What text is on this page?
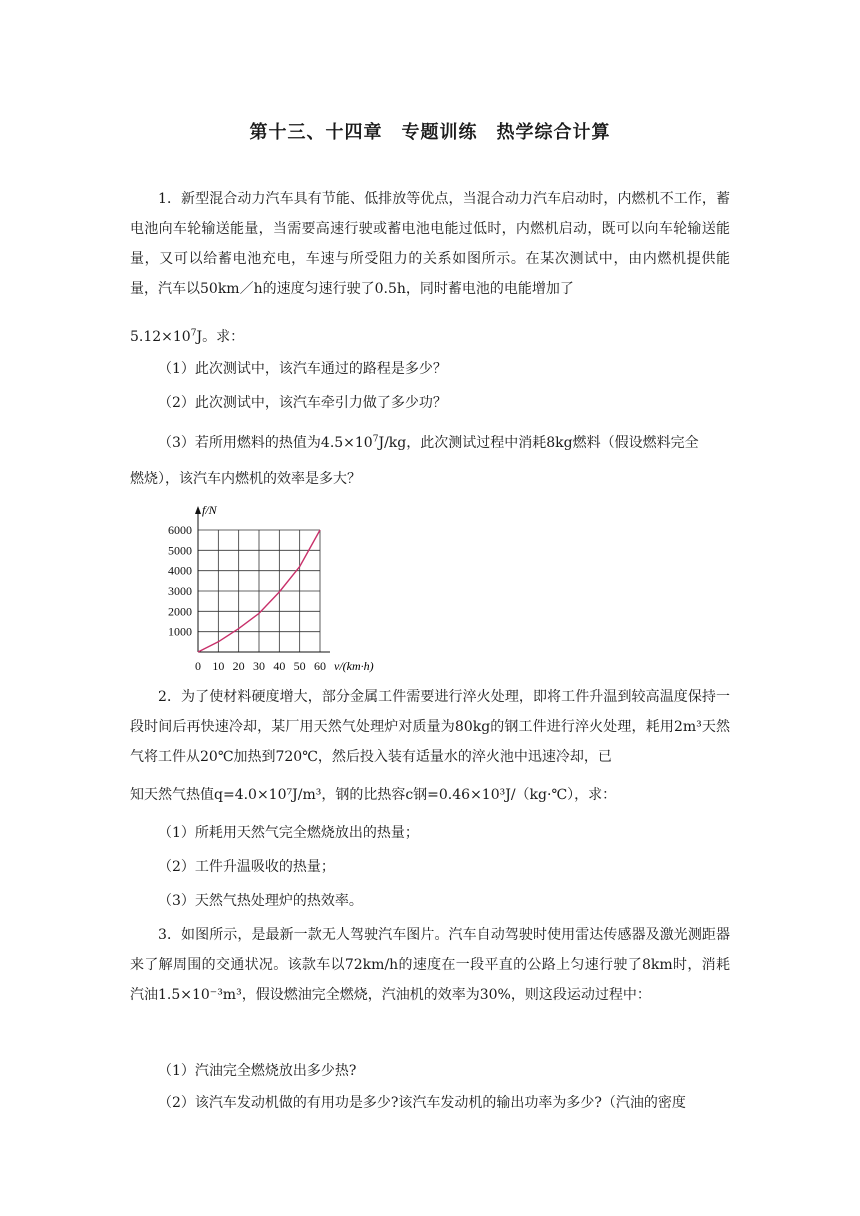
第十三、十四章　专题训练　热学综合计算
1．新型混合动力汽车具有节能、低排放等优点，当混合动力汽车启动时，内燃机不工作，蓄电池向车轮输送能量，当需要高速行驶或蓄电池电能过低时，内燃机启动，既可以向车轮输送能量，又可以给蓄电池充电，车速与所受阻力的关系如图所示。在某次测试中，由内燃机提供能量，汽车以50km／h的速度匀速行驶了0.5h，同时蓄电池的电能增加了
$5.12\times 10^7J$。求：
（1）此次测试中，该汽车通过的路程是多少？
（2）此次测试中，该汽车牵引力做了多少功？
（3）若所用燃料的热值为$4.5\times 10^7J/kg$，此次测试过程中消耗8kg燃料（假设燃料完全
燃烧），该汽车内燃机的效率是多大？
f/N
v/(km·h)
0 10 20 30 40 50 60
1000
2000
3000
4000
5000
6000
2．为了使材料硬度增大，部分金属工件需要进行淬火处理，即将工件升温到较高温度保持一段时间后再快速冷却，某厂用天然气处理炉对质量为80kg的钢工件进行淬火处理，耗用2m³天然气将工件从20℃加热到720℃，然后投入装有适量水的淬火池中迅速冷却，已
知天然气热值q=4.0×10⁷J/m³，钢的比热容c钢=0.46×10³J/（kg·℃），求：
（1）所耗用天然气完全燃烧放出的热量；
（2）工件升温吸收的热量；
（3）天然气热处理炉的热效率。
3．如图所示，是最新一款无人驾驶汽车图片。汽车自动驾驶时使用雷达传感器及激光测距器来了解周围的交通状况。该款车以72km/h的速度在一段平直的公路上匀速行驶了8km时，消耗汽油1.5×10⁻³m³，假设燃油完全燃烧，汽油机的效率为30%，则这段运动过程中：
（1）汽油完全燃烧放出多少热?
（2）该汽车发动机做的有用功是多少?该汽车发动机的输出功率为多少?（汽油的密度
